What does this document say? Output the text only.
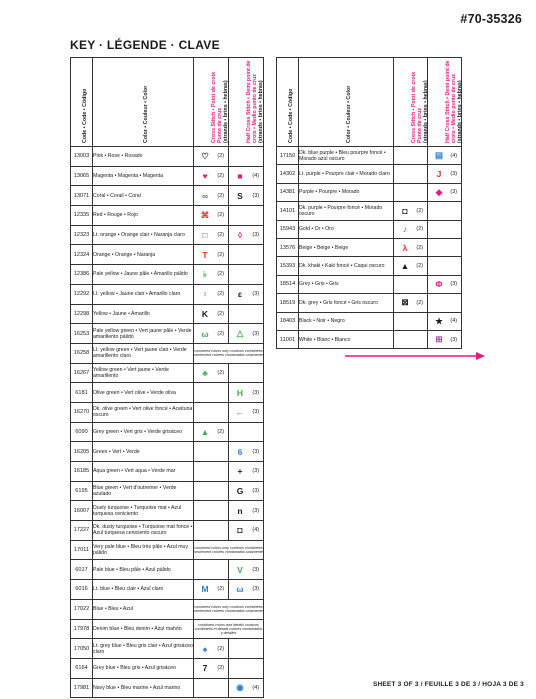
#70-35326
KEY · LÉGENDE · CLAVE
Code • Code • Código	Color • Couleur • Color	Cross Stitch • Point de croix Punto de cruz
(strands • brins • hebras)	Half Cross Stitch • Demi point de croix • Medio punto de cruz
(strands • brins • hebras)

13003	Pink • Rose • Rosado	♡ (2)	

13065	Magenta • Magenta • Magenta	♥ (2)	■ (4)

13071	Coral • Corail • Coral	∞ (2)	S (3)

12335	Red • Rouge • Rojo	⌘ (2)	

12323	Lt. orange • Orange clair • Naranja claro	□ (2)	◊ (3)

12324	Orange • Orange • Naranja	T (2)	

12386	Pale yellow • Jaune pâle • Amarillo pálido	♭ (2)	

12292	Lt. yellow • Jaune clair • Amarillo claro	♀ (2)	ɛ (3)

12298	Yellow • Jaune • Amarillo	K (2)	

16253	Pale yellow green • Vert jaune pâle • Verde amarillento pálido	ω (2)	△ (3)

16258	Lt. yellow green • Vert jaune clair • Verde amarillento claro	combined colors only couleurs combinées seulement colores combinados solamente	
16267	Yellow green • Vert jaune • Verde amarillento	♣ (2)	

6181	Olive green • Vert olive • Verde oliva		H (3)

16270	Dk. olive green • Vert olive foncé • Aceituna oscuro		← (3)

6090	Grey green • Vert gris • Verde grisáceo	▲ (2)	

16205	Green • Vert • Verde		6 (3)

16185	Aqua green • Vert aqua • Verde mar		+ (3)

6195	Blue green • Vert d'outremer • Verde azulado		G (3)

16007	Dusty turquoise • Turquoise mat • Azul turquesa ceniciento		n (3)

17227	Dk. dusty turquoise • Turquoise mat foncé • Azul turquesa ceniciento oscuro		◘ (4)

17011	Very pale blue • Bleu très pâle • Azul muy pálido	combined colors only couleurs combinées seulement colores combinados solamente	
6017	Pale blue • Bleu pâle • Azul pálido		V (3)

6016	Lt. blue • Bleu clair • Azul claro	M (2)	ω (3)

17022	Blue • Bleu • Azul	combined colors only couleurs combinées seulement colores combinados solamente	
17978	Denim blue • Bleu denim • Azul mahón	combined colors and details couleurs combinées et détails colores combinados y detalles	
17050	Lt. grey blue • Bleu gris clair • Azul grisáceo claro	♠ (2)	

6164	Grey blue • Bleu gris • Azul grisáceo	7 (2)	

17981	Navy blue • Bleu marine • Azul marino		◉ (4)
Code • Code • Código	Color • Couleur • Color	Cross Stitch • Point de croix Punto de cruz
(strands • brins • hebras)	Half Cross Stitch • Demi point de croix • Medio punto de cruz
(strands • brins • hebras)

17150	Dk. blue purple • Bleu pourpre foncé • Morado azul oscuro		▤ (4)

14302	Lt. purple • Pourpre clair • Morado claro		J (3)

14381	Purple • Pourpre • Morado		◆ (3)

14101	Dk. purple • Pourpre foncé • Morado oscuro	◘ (2)	

15943	Gold • Or • Oro	♪ (2)	

13576	Beige • Beige • Beige	λ (2)	

15393	Dk. khaki • Kaki foncé • Caqui oscuro	▲ (2)	

18514	Grey • Gris • Gris		Φ (3)

18519	Dk. grey • Gris foncé • Gris oscuro	⊠ (2)	

18403	Black • Noir • Negro		★ (4)

11001	White • Blanc • Blanco		⊞ (3)
SHEET 3 OF 3 / FEUILLE 3 DE 3 / HOJA 3 DE 3
